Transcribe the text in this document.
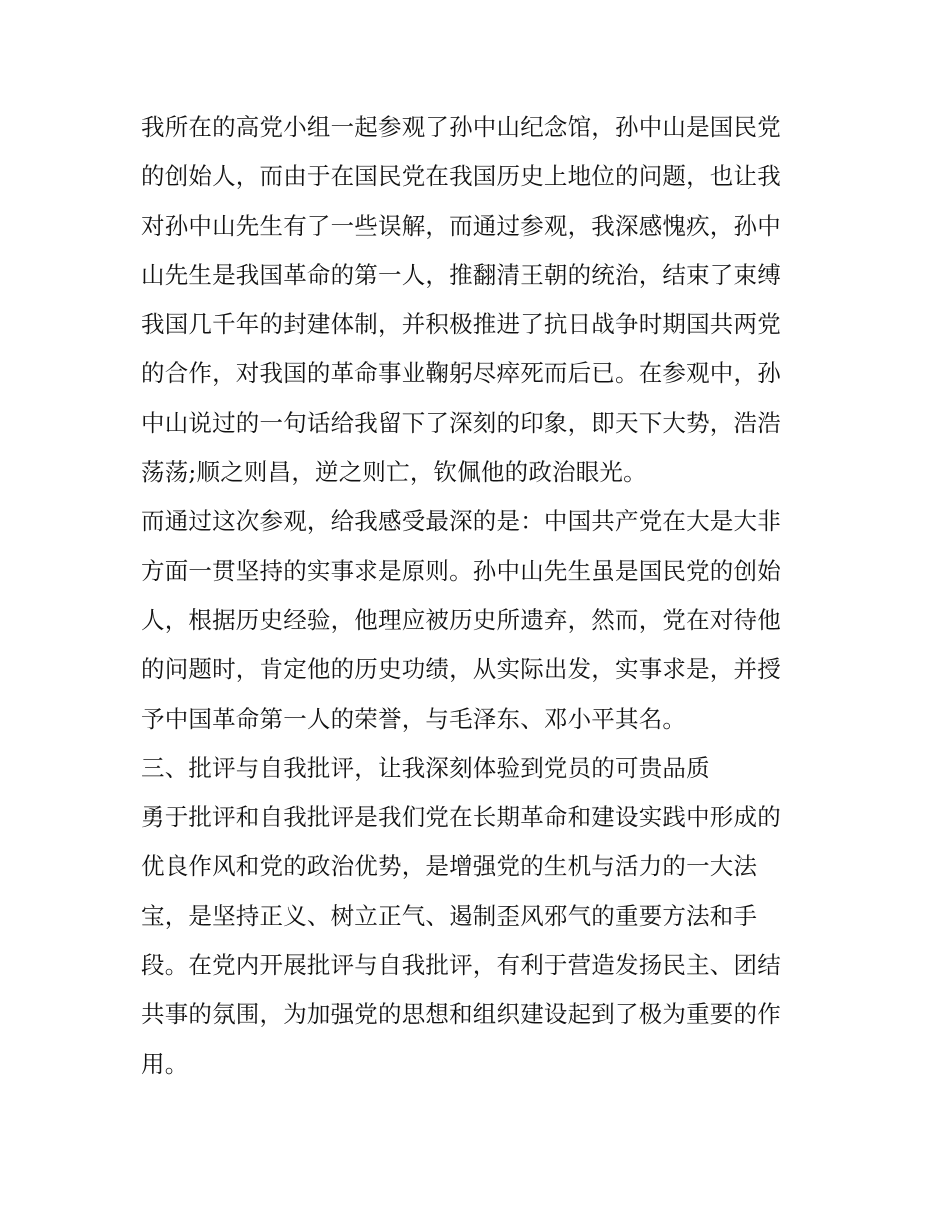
我所在的高党小组一起参观了孙中山纪念馆，孙中山是国民党
的创始人，而由于在国民党在我国历史上地位的问题，也让我
对孙中山先生有了一些误解，而通过参观，我深感愧疚，孙中
山先生是我国革命的第一人，推翻清王朝的统治，结束了束缚
我国几千年的封建体制，并积极推进了抗日战争时期国共两党
的合作，对我国的革命事业鞠躬尽瘁死而后已。在参观中，孙
中山说过的一句话给我留下了深刻的印象，即天下大势，浩浩
荡荡;顺之则昌，逆之则亡，钦佩他的政治眼光。
而通过这次参观，给我感受最深的是：中国共产党在大是大非
方面一贯坚持的实事求是原则。孙中山先生虽是国民党的创始
人，根据历史经验，他理应被历史所遗弃，然而，党在对待他
的问题时，肯定他的历史功绩，从实际出发，实事求是，并授
予中国革命第一人的荣誉，与毛泽东、邓小平其名。
三、批评与自我批评，让我深刻体验到党员的可贵品质
勇于批评和自我批评是我们党在长期革命和建设实践中形成的
优良作风和党的政治优势，是增强党的生机与活力的一大法
宝，是坚持正义、树立正气、遏制歪风邪气的重要方法和手
段。在党内开展批评与自我批评，有利于营造发扬民主、团结
共事的氛围，为加强党的思想和组织建设起到了极为重要的作
用。
